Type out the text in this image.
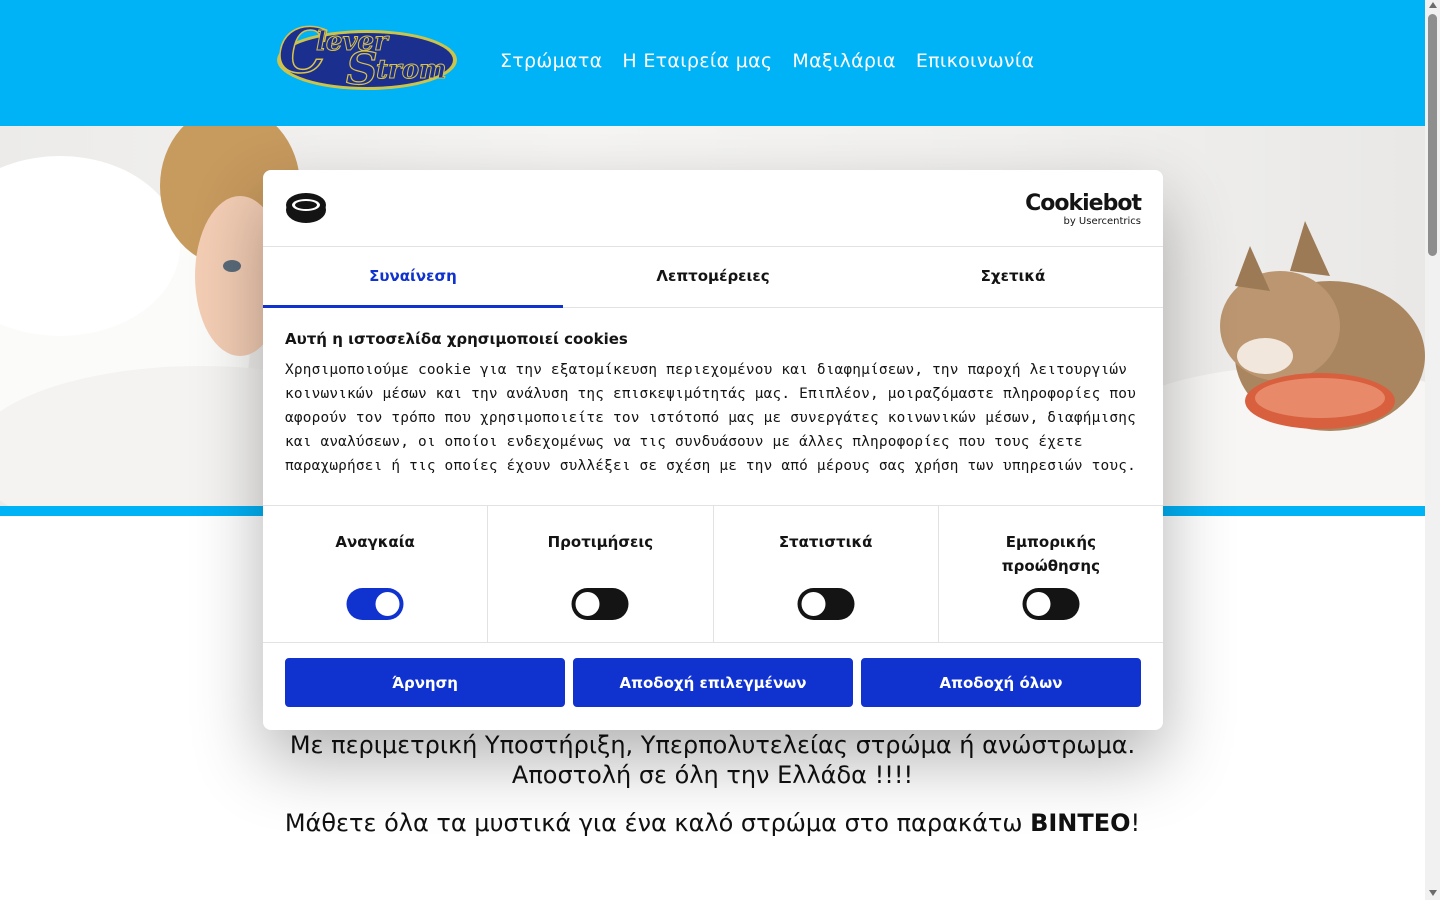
C
lever
S
trom	Στρώματα Η Εταιρεία μας Μαξιλάρια Επικοινωνία
Με περιμετρική Υποστήριξη, Υπερπολυτελείας στρώμα ή ανώστρωμα.
Αποστολή σε όλη την Ελλάδα !!!!
Μάθετε όλα τα μυστικά για ένα καλό στρώμα στο παρακάτω BINTEO!
Cookiebot
by Usercentrics
Συναίνεση	Λεπτομέρειες	Σχετικά
Αυτή η ιστοσελίδα χρησιμοποιεί cookies

Χρησιμοποιούμε cookie για την εξατομίκευση περιεχομένου και διαφημίσεων, την παροχή λειτουργιών
κοινωνικών μέσων και την ανάλυση της επισκεψιμότητάς μας. Επιπλέον, μοιραζόμαστε πληροφορίες που
αφορούν τον τρόπο που χρησιμοποιείτε τον ιστότοπό μας με συνεργάτες κοινωνικών μέσων, διαφήμισης
και αναλύσεων, οι οποίοι ενδεχομένως να τις συνδυάσουν με άλλες πληροφορίες που τους έχετε
παραχωρήσει ή τις οποίες έχουν συλλέξει σε σχέση με την από μέρους σας χρήση των υπηρεσιών τους.

Αναγκαία	Προτιμήσεις	Στατιστικά	Εμπορικής προώθησης
Άρνηση	Αποδοχή επιλεγμένων	Αποδοχή όλων
